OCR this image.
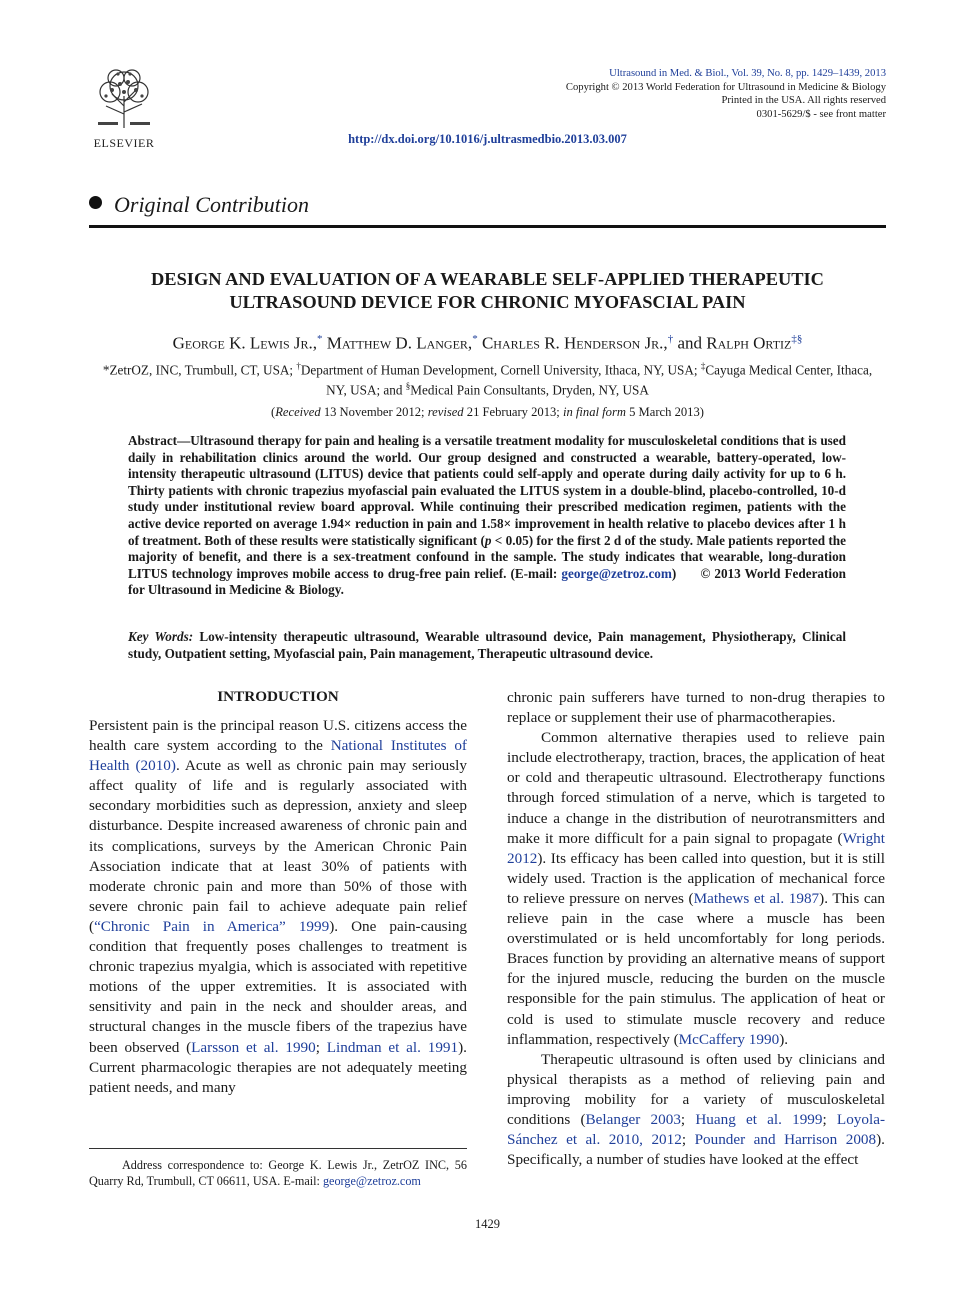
ELSEVIER
Ultrasound in Med. & Biol., Vol. 39, No. 8, pp. 1429–1439, 2013
Copyright © 2013 World Federation for Ultrasound in Medicine & Biology
Printed in the USA. All rights reserved
0301-5629/$ - see front matter
http://dx.doi.org/10.1016/j.ultrasmedbio.2013.03.007
Original Contribution
DESIGN AND EVALUATION OF A WEARABLE SELF-APPLIED THERAPEUTIC ULTRASOUND DEVICE FOR CHRONIC MYOFASCIAL PAIN
George K. Lewis Jr.,* Matthew D. Langer,* Charles R. Henderson Jr.,† and Ralph Ortiz‡§
*ZetrOZ, INC, Trumbull, CT, USA; †Department of Human Development, Cornell University, Ithaca, NY, USA; ‡Cayuga Medical Center, Ithaca, NY, USA; and §Medical Pain Consultants, Dryden, NY, USA
(Received 13 November 2012; revised 21 February 2013; in final form 5 March 2013)
Abstract—Ultrasound therapy for pain and healing is a versatile treatment modality for musculoskeletal conditions that is used daily in rehabilitation clinics around the world. Our group designed and constructed a wearable, battery-operated, low-intensity therapeutic ultrasound (LITUS) device that patients could self-apply and operate during daily activity for up to 6 h. Thirty patients with chronic trapezius myofascial pain evaluated the LITUS system in a double-blind, placebo-controlled, 10-d study under institutional review board approval. While continuing their prescribed medication regimen, patients with the active device reported on average 1.94× reduction in pain and 1.58× improvement in health relative to placebo devices after 1 h of treatment. Both of these results were statistically significant (p < 0.05) for the first 2 d of the study. Male patients reported the majority of benefit, and there is a sex-treatment confound in the sample. The study indicates that wearable, long-duration LITUS technology improves mobile access to drug-free pain relief. (E-mail: george@zetroz.com)      © 2013 World Federation for Ultrasound in Medicine & Biology.
Key Words: Low-intensity therapeutic ultrasound, Wearable ultrasound device, Pain management, Physiotherapy, Clinical study, Outpatient setting, Myofascial pain, Pain management, Therapeutic ultrasound device.
INTRODUCTION

Persistent pain is the principal reason U.S. citizens access the health care system according to the National Institutes of Health (2010). Acute as well as chronic pain may seriously affect quality of life and is regularly associated with secondary morbidities such as depression, anxiety and sleep disturbance. Despite increased awareness of chronic pain and its complications, surveys by the American Chronic Pain Association indicate that at least 30% of patients with moderate chronic pain and more than 50% of those with severe chronic pain fail to achieve adequate pain relief (“Chronic Pain in America” 1999). One pain-causing condition that frequently poses challenges to treatment is chronic trapezius myalgia, which is associated with repetitive motions of the upper extremities. It is associated with sensitivity and pain in the neck and shoulder areas, and structural changes in the muscle fibers of the trapezius have been observed (Larsson et al. 1990; Lindman et al. 1991). Current pharmacologic therapies are not adequately meeting patient needs, and many

chronic pain sufferers have turned to non-drug therapies to replace or supplement their use of pharmacotherapies.

Common alternative therapies used to relieve pain include electrotherapy, traction, braces, the application of heat or cold and therapeutic ultrasound. Electrotherapy functions through forced stimulation of a nerve, which is targeted to induce a change in the distribution of neurotransmitters and make it more difficult for a pain signal to propagate (Wright 2012). Its efficacy has been called into question, but it is still widely used. Traction is the application of mechanical force to relieve pressure on nerves (Mathews et al. 1987). This can relieve pain in the case where a muscle has been overstimulated or is held uncomfortably for long periods. Braces function by providing an alternative means of support for the injured muscle, reducing the burden on the muscle responsible for the pain stimulus. The application of heat or cold is used to stimulate muscle recovery and reduce inflammation, respectively (McCaffery 1990).

Therapeutic ultrasound is often used by clinicians and physical therapists as a method of relieving pain and improving mobility for a variety of musculoskeletal conditions (Belanger 2003; Huang et al. 1999; Loyola-Sánchez et al. 2010, 2012; Pounder and Harrison 2008). Specifically, a number of studies have looked at the effect

Address correspondence to: George K. Lewis Jr., ZetrOZ INC, 56 Quarry Rd, Trumbull, CT 06611, USA. E-mail: george@zetroz.com
1429
